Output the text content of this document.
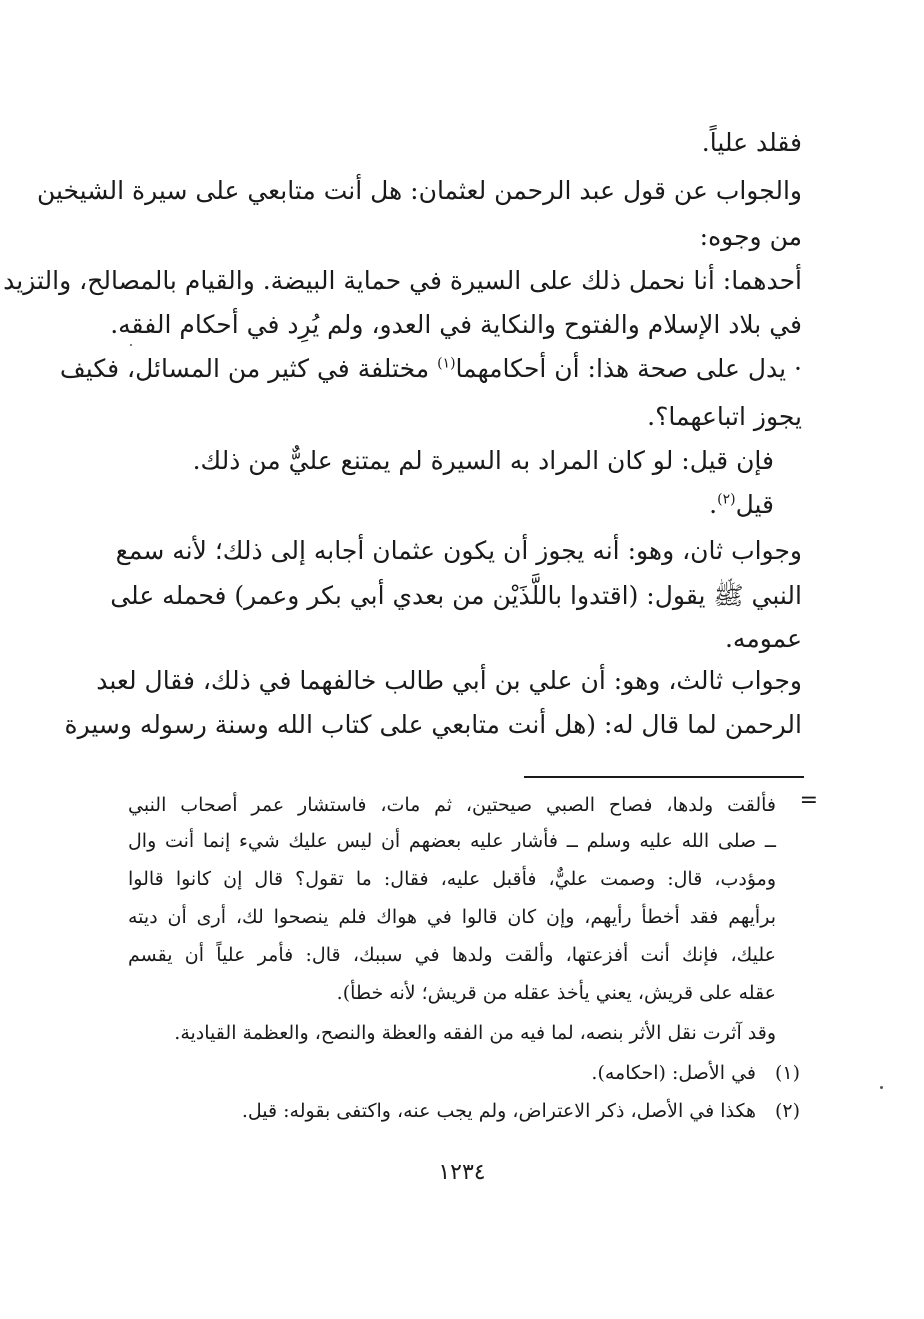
فقلد علياً.
والجواب عن قول عبد الرحمن لعثمان: هل أنت متابعي على سيرة الشيخين
من وجوه:
أحدهما: أنا نحمل ذلك على السيرة في حماية البيضة. والقيام بالمصالح، والتزيد
في بلاد الإسلام والفتوح والنكاية في العدو، ولم يُرِد في أحكام الفقه.
· يدل على صحة هذا: أن أحكامهما$^{(١)}$ مختلفة في كثير من المسائل، فكيف
يجوز اتباعهما؟.
فإن قيل: لو كان المراد به السيرة لم يمتنع عليٌّ من ذلك.
قيل$^{(٢)}$.
وجواب ثان، وهو: أنه يجوز أن يكون عثمان أجابه إلى ذلك؛ لأنه سمع
النبي ﷺ يقول: (اقتدوا باللَّذَيْن من بعدي أبي بكر وعمر) فحمله على
عمومه.
وجواب ثالث، وهو: أن علي بن أبي طالب خالفهما في ذلك، فقال لعبد
الرحمن لما قال له: (هل أنت متابعي على كتاب الله وسنة رسوله وسيرة
=
فألقت ولدها، فصاح الصبي صيحتين، ثم مات، فاستشار عمر أصحاب النبي
ــ صلى الله عليه وسلم ــ فأشار عليه بعضهم أن ليس عليك شيء إنما أنت وال
ومؤدب، قال: وصمت عليٌّ، فأقبل عليه، فقال: ما تقول؟ قال إن كانوا قالوا
برأيهم فقد أخطأ رأيهم، وإن كان قالوا في هواك فلم ينصحوا لك، أرى أن ديته
عليك، فإنك أنت أفزعتها، وألقت ولدها في سببك، قال: فأمر علياً أن يقسم
عقله على قريش، يعني يأخذ عقله من قريش؛ لأنه خطأ).
وقد آثرت نقل الأثر بنصه، لما فيه من الفقه والعظة والنصح، والعظمة القيادية.
(١)
في الأصل: (احكامه).
(٢)
هكذا في الأصل، ذكر الاعتراض، ولم يجب عنه، واكتفى بقوله: قيل.
١٢٣٤
